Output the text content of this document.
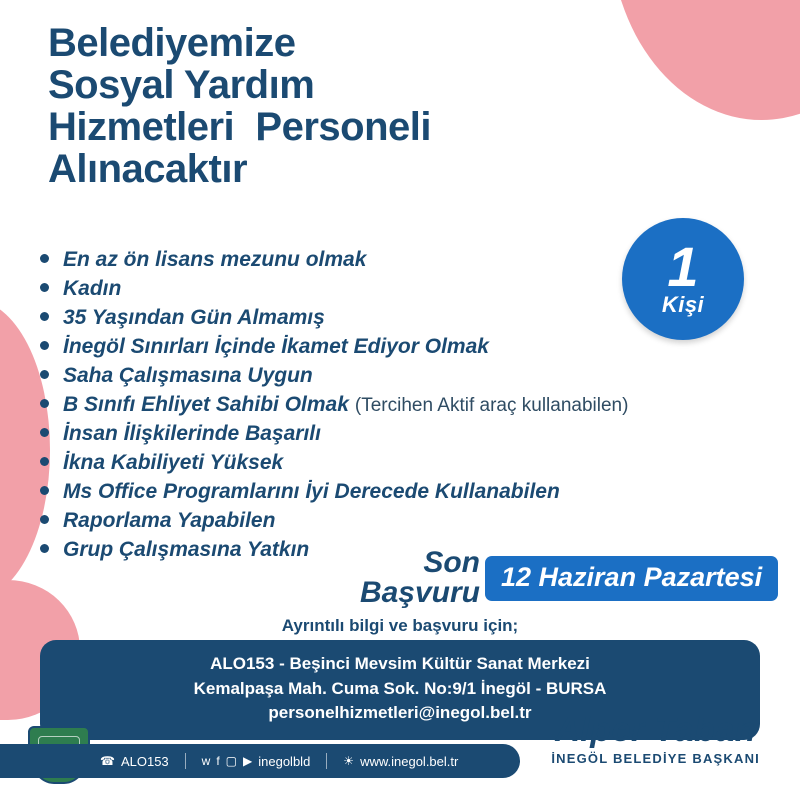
Belediyemize
Sosyal Yardım
Hizmetleri  Personeli
Alınacaktır
1
Kişi
En az ön lisans mezunu olmak
Kadın
35 Yaşından Gün Almamış
İnegöl Sınırları İçinde İkamet Ediyor Olmak
Saha Çalışmasına Uygun
B Sınıfı Ehliyet Sahibi Olmak (Tercihen Aktif araç kullanabilen)
İnsan İlişkilerinde Başarılı
İkna Kabiliyeti Yüksek
Ms Office Programlarını İyi Derecede Kullanabilen
Raporlama Yapabilen
Grup Çalışmasına Yatkın	Son
Başvuru 12 Haziran Pazartesi
Ayrıntılı bilgi ve başvuru için;
ALO153 - Beşinci Mevsim Kültür Sanat Merkezi
Kemalpaşa Mah. Cuma Sok. No:9/1 İnegöl - BURSA
personelhizmetleri@inegol.bel.tr
☎ ALO153	w f ▢ ▶ inegolbld	☀ www.inegol.bel.tr
Alper Taban
İNEGÖL BELEDİYE BAŞKANI
